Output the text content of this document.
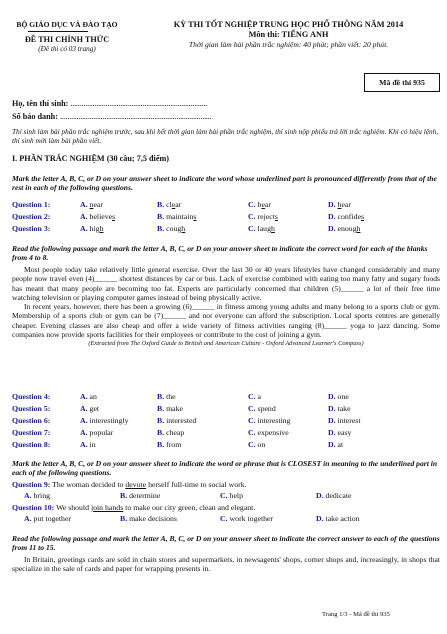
BỘ GIÁO DỤC VÀ ĐÀO TẠO
ĐỀ THI CHÍNH THỨC
(Đề thi có 03 trang)
KỲ THI TỐT NGHIỆP TRUNG HỌC PHỔ THÔNG NĂM 2014
Môn thi: TIẾNG ANH
Thời gian làm bài phần trắc nghiệm: 40 phút; phần viết: 20 phút.
Mã đề thi 935
Họ, tên thí sinh: ..........................................................................
Số báo danh: ..................................................................................
Thí sinh làm bài phần trắc nghiệm trước, sau khi hết thời gian làm bài phần trắc nghiệm, thí sinh nộp phiếu trả lời trắc nghiệm. Khi có hiệu lệnh, thí sinh mới làm bài phần viết.
I. PHẦN TRẮC NGHIỆM (30 câu; 7,5 điểm)
Mark the letter A, B, C, or D on your answer sheet to indicate the word whose underlined part is pronounced differently from that of the rest in each of the following questions.
Question 1:	A. near	B. clear	C. bear	D. hear
Question 2:	A. believes	B. maintains	C. rejects	D. confides
Question 3:	A. high	B. cough	C. laugh	D. enough
Read the following passage and mark the letter A, B, C, or D on your answer sheet to indicate the correct word for each of the blanks from 4 to 8.

Most people today take relatively little general exercise. Over the last 30 or 40 years lifestyles have changed considerably and many people now travel even (4)______ shortest distances by car or bus. Lack of exercise combined with eating too many fatty and sugary foods has meant that many people are becoming too fat. Experts are particularly concerned that children (5)______ a lot of their free time watching television or playing computer games instead of being physically active.

In recent years, however, there has been a growing (6)______ in fitness among young adults and many belong to a sports club or gym. Membership of a sports club or gym can be (7)______ and not everyone can afford the subscription. Local sports centres are generally cheaper. Evening classes are also cheap and offer a wide variety of fitness activities ranging (8)______ yoga to jazz dancing. Some companies now provide sports facilities for their employees or contribute to the cost of joining a gym.

(Extracted from The Oxford Guide to British and American Culture - Oxford Advanced Learner's Compass)

Question 4:	A. an	B. the	C. a	D. one
Question 5:	A. get	B. make	C. spend	D. take
Question 6:	A. interestingly	B. interested	C. interesting	D. interest
Question 7:	A. popular	B. cheap	C. expensive	D. easy
Question 8:	A. in	B. from	C. on	D. at
Mark the letter A, B, C, or D on your answer sheet to indicate the word or phrase that is CLOSEST in meaning to the underlined part in each of the following questions.
Question 9: The woman decided to devote herself full-time to social work.
A. bring	B. determine	C. help	D. dedicate
Question 10: We should join hands to make our city green, clean and elegant.
A. put together	B. make decisions	C. work together	D. take action
Read the following passage and mark the letter A, B, C, or D on your answer sheet to indicate the correct answer to each of the questions from 11 to 15.

In Britain, greetings cards are sold in chain stores and supermarkets, in newsagents' shops, corner shops and, increasingly, in shops that specialize in the sale of cards and paper for wrapping presents in.

Trang 1/3 - Mã đề thi 935
